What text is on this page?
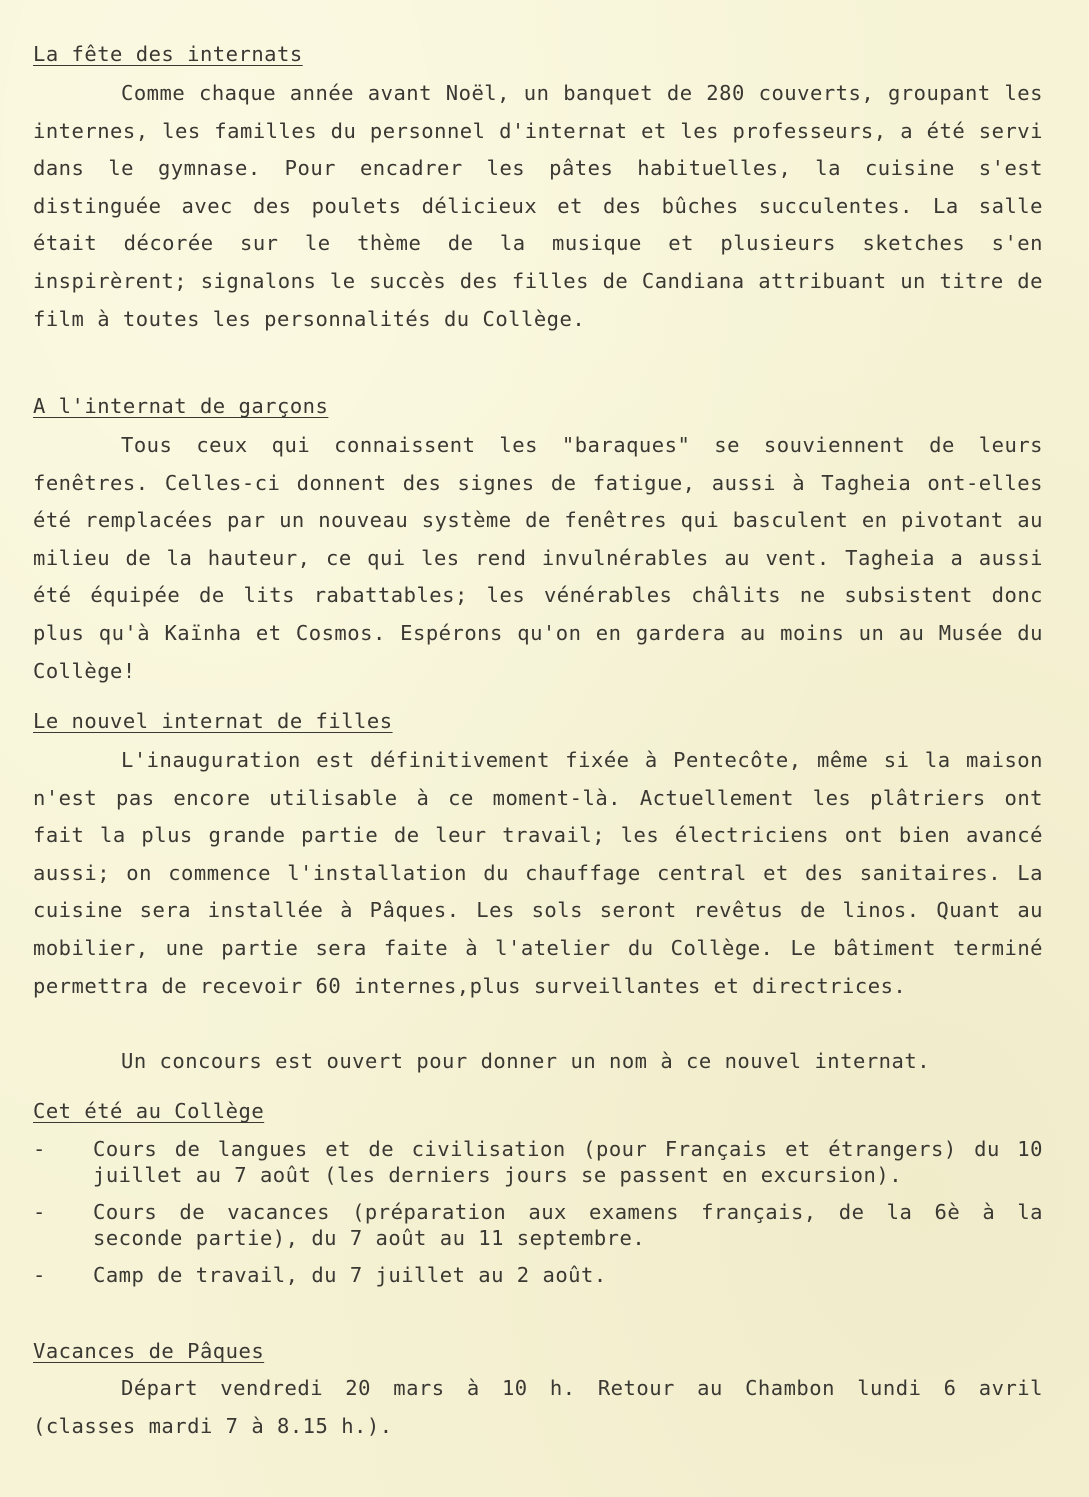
La fête des internats

Comme chaque année avant Noël, un banquet de 280 couverts, groupant les internes, les familles du personnel d'internat et les professeurs, a été servi dans le gymnase. Pour encadrer les pâtes habituelles, la cuisine s'est distinguée avec des poulets délicieux et des bûches succulentes. La salle était décorée sur le thème de la musique et plusieurs sketches s'en inspirèrent; signalons le succès des filles de Candiana attribuant un titre de film à toutes les personnalités du Collège.

A l'internat de garçons

Tous ceux qui connaissent les "baraques" se souviennent de leurs fenêtres. Celles-ci donnent des signes de fatigue, aussi à Tagheia ont-elles été remplacées par un nouveau système de fenêtres qui basculent en pivotant au milieu de la hauteur, ce qui les rend invulnérables au vent. Tagheia a aussi été équipée de lits rabattables; les vénérables châlits ne subsistent donc plus qu'à Kaïnha et Cosmos. Espérons qu'on en gardera au moins un au Musée du Collège!

Le nouvel internat de filles

L'inauguration est définitivement fixée à Pentecôte, même si la maison n'est pas encore utilisable à ce moment-là. Actuellement les plâtriers ont fait la plus grande partie de leur travail; les électriciens ont bien avancé aussi; on commence l'installation du chauffage central et des sanitaires. La cuisine sera installée à Pâques. Les sols seront revêtus de linos. Quant au mobilier, une partie sera faite à l'atelier du Collège. Le bâtiment terminé permettra de recevoir 60 internes,plus surveillantes et directrices.

Un concours est ouvert pour donner un nom à ce nouvel internat.

Cet été au Collège
- Cours de langues et de civilisation (pour Français et étrangers) du 10 juillet au 7 août (les derniers jours se passent en excursion).
- Cours de vacances (préparation aux examens français, de la 6è à la seconde partie), du 7 août au 11 septembre.
- Camp de travail, du 7 juillet au 2 août.
Vacances de Pâques

Départ vendredi 20 mars à 10 h. Retour au Chambon lundi 6 avril (classes mardi 7 à 8.15 h.).
